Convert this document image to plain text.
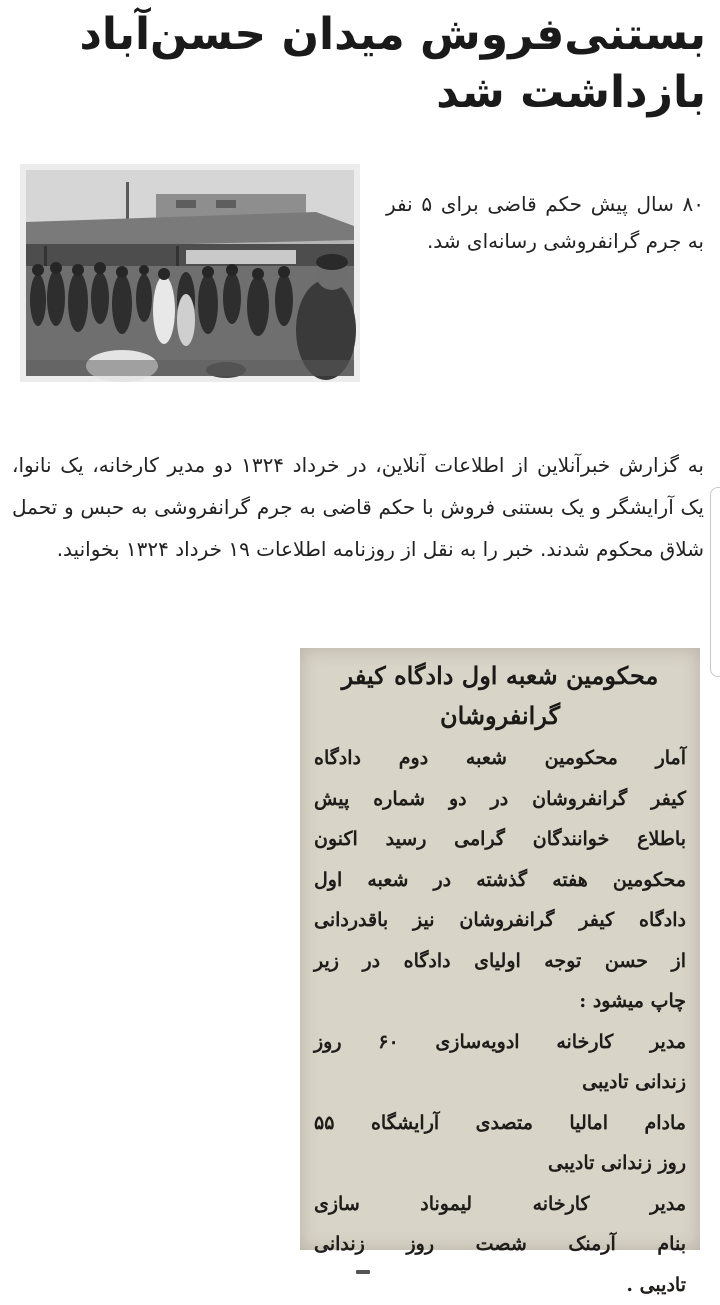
بستنی‌فروش میدان حسن‌آباد بازداشت شد

۸۰ سال پیش حکم قاضی برای ۵ نفر به جرم گرانفروشی رسانه‌ای شد.

به گزارش خبرآنلاین از اطلاعات آنلاین، در خرداد ۱۳۲۴ دو مدیر کارخانه، یک نانوا، یک آرایشگر و یک بستنی فروش با حکم قاضی به جرم گرانفروشی به حبس و تحمل شلاق محکوم شدند. خبر را به نقل از روزنامه اطلاعات ۱۹ خرداد ۱۳۲۴ بخوانید.

محکومین شعبه اول دادگاه کیفر گرانفروشان
آمار محکومین شعبه دوم دادگاه
کیفر گرانفروشان در دو شماره پیش
باطلاع خوانندگان گرامی رسید اکنون
محکومین هفته گذشته در شعبه اول
دادگاه کیفر گرانفروشان نیز باقدردانی
از حسن توجه اولیای دادگاه در زیر
چاپ میشود :
مدیر کارخانه ادویه‌سازی ۶۰ روز
زندانی تادیبی
مادام اماليا متصدی آرایشگاه ۵۵
روز زندانی تادیبی
مدیر کارخانه لیموناد سازی
بنام آرمنک شصت روز زندانی
تادیبی .
